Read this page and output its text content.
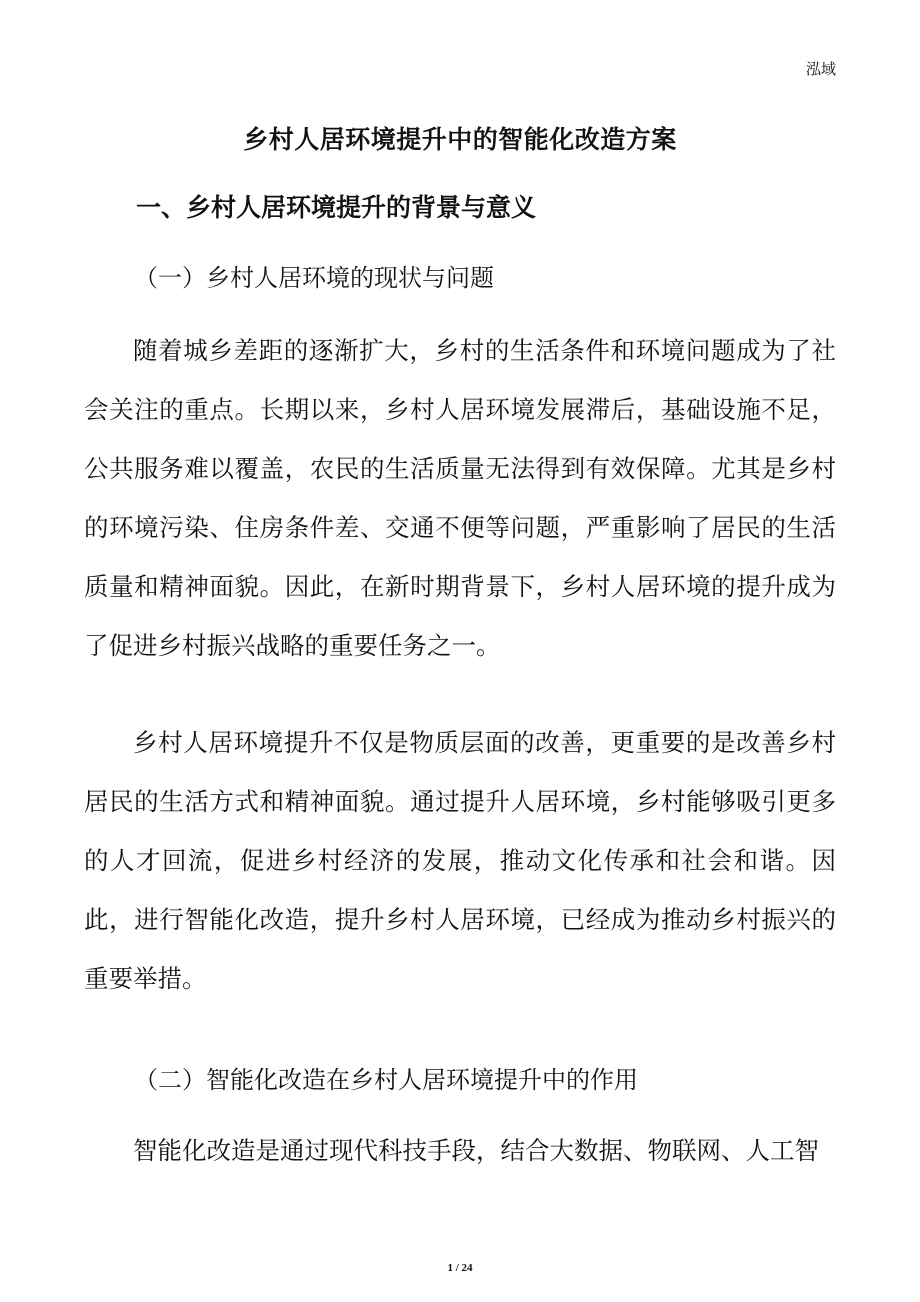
泓域
乡村人居环境提升中的智能化改造方案
一、乡村人居环境提升的背景与意义
（一）乡村人居环境的现状与问题

随着城乡差距的逐渐扩大，乡村的生活条件和环境问题成为了社会关注的重点。长期以来，乡村人居环境发展滞后，基础设施不足，公共服务难以覆盖，农民的生活质量无法得到有效保障。尤其是乡村的环境污染、住房条件差、交通不便等问题，严重影响了居民的生活质量和精神面貌。因此，在新时期背景下，乡村人居环境的提升成为了促进乡村振兴战略的重要任务之一。

乡村人居环境提升不仅是物质层面的改善，更重要的是改善乡村居民的生活方式和精神面貌。通过提升人居环境，乡村能够吸引更多的人才回流，促进乡村经济的发展，推动文化传承和社会和谐。因此，进行智能化改造，提升乡村人居环境，已经成为推动乡村振兴的重要举措。

（二）智能化改造在乡村人居环境提升中的作用

智能化改造是通过现代科技手段，结合大数据、物联网、人工智

1 / 24
